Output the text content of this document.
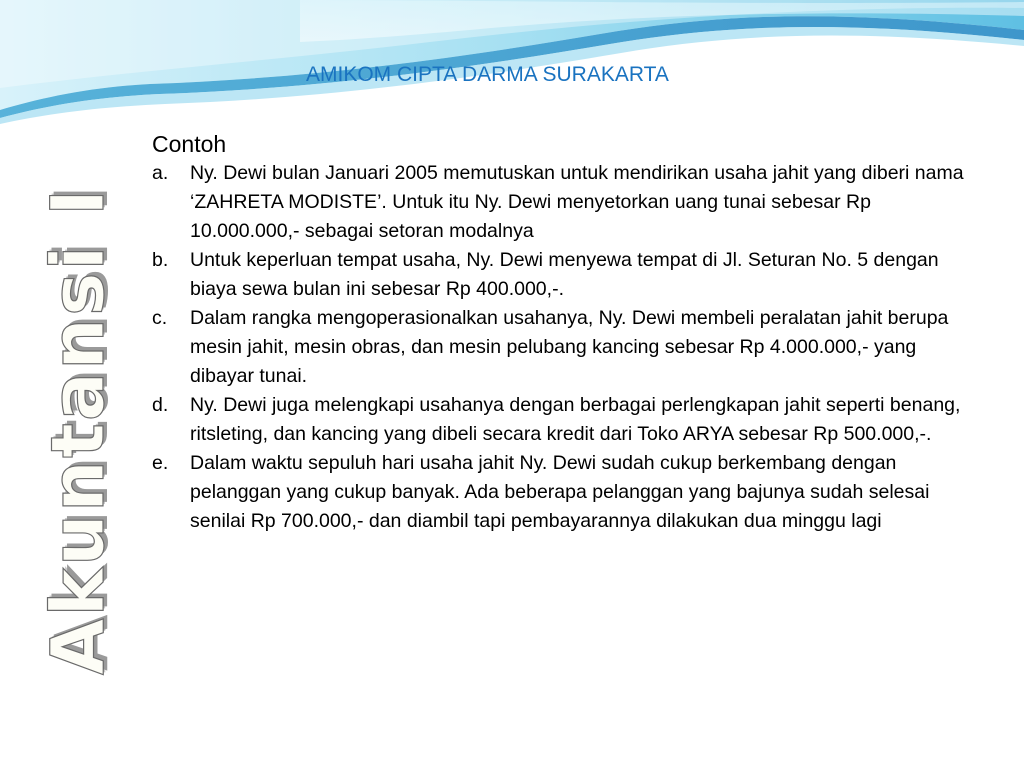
AMIKOM CIPTA DARMA SURAKARTA
Akuntansi I
Contoh
a. Ny. Dewi bulan Januari 2005 memutuskan untuk mendirikan usaha jahit yang diberi nama ‘ZAHRETA MODISTE’. Untuk itu Ny. Dewi menyetorkan uang tunai sebesar Rp 10.000.000,- sebagai setoran modalnya
b. Untuk keperluan tempat usaha, Ny. Dewi menyewa tempat di Jl. Seturan No. 5 dengan biaya sewa bulan ini sebesar Rp 400.000,-.
c. Dalam rangka mengoperasionalkan usahanya, Ny. Dewi membeli peralatan jahit berupa mesin jahit, mesin obras, dan mesin pelubang kancing sebesar Rp 4.000.000,- yang dibayar tunai.
d. Ny. Dewi juga melengkapi usahanya dengan berbagai perlengkapan jahit seperti benang, ritsleting, dan kancing yang dibeli secara kredit dari Toko ARYA sebesar Rp 500.000,-.
e. Dalam waktu sepuluh hari usaha jahit Ny. Dewi sudah cukup berkembang dengan pelanggan yang cukup banyak. Ada beberapa pelanggan yang bajunya sudah selesai senilai Rp 700.000,- dan diambil tapi pembayarannya dilakukan dua minggu lagi
